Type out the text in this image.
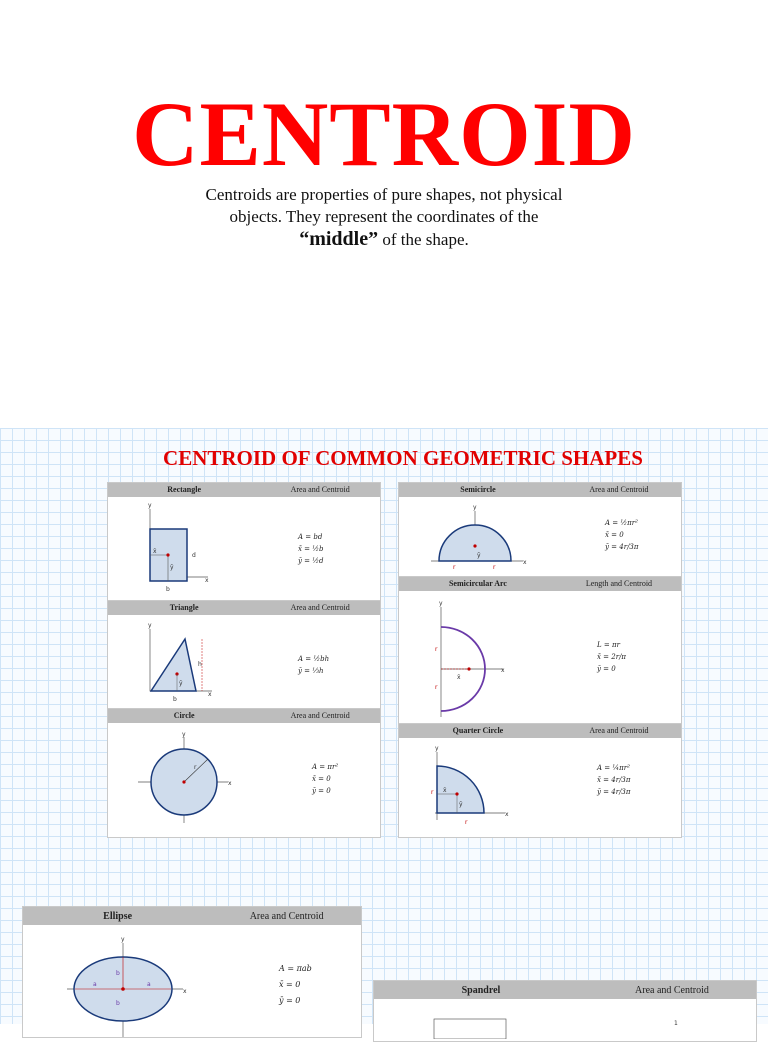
CENTROID
Centroids are properties of pure shapes, not physical
objects. They represent the coordinates of the
“middle” of the shape.
CENTROID OF COMMON GEOMETRIC SHAPES
Rectangle	Area and Centroid
x̄
ȳ
d
b
y
x
A = bd
x̄ = ½b
ȳ = ½d
Triangle	Area and Centroid
ȳ
h
b
y
x
A = ½bh
ȳ = ⅓h
Circle	Area and Centroid
r
y
x
A = πr²
x̄ = 0
ȳ = 0
Semicircle	Area and Centroid
ȳ
y
x
r	r
A = ½πr²
x̄ = 0
ȳ = 4r/3π
Semicircular Arc	Length and Centroid
x̄
r
r
y
x
L = πr
x̄ = 2r/π
ȳ = 0
Quarter Circle	Area and Centroid
x̄
ȳ
r
r
y
x
A = ¼πr²
x̄ = 4r/3π
ȳ = 4r/3π
Ellipse	Area and Centroid
b
b
a	a
y
x
A = πab
x̄ = 0
ȳ = 0
Spandrel	Area and Centroid
1
